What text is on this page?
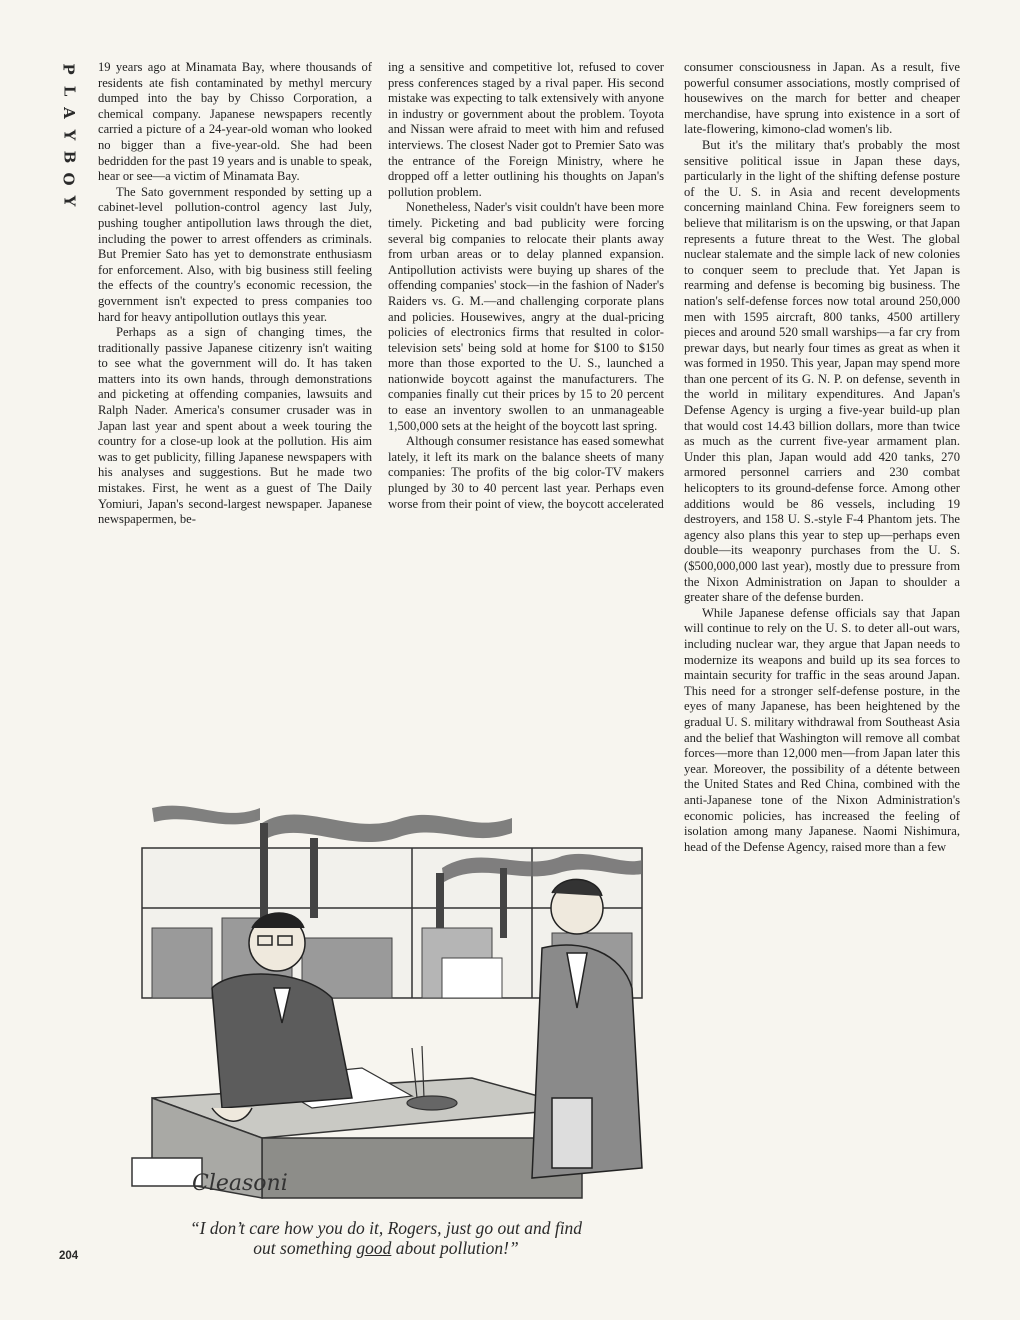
P
L
A
Y
B
O
Y

19 years ago at Minamata Bay, where thousands of residents ate fish contaminated by methyl mercury dumped into the bay by Chisso Corporation, a chemical company. Japanese newspapers recently carried a picture of a 24-year-old woman who looked no bigger than a five-year-old. She had been bedridden for the past 19 years and is unable to speak, hear or see—a victim of Minamata Bay.

The Sato government responded by setting up a cabinet-level pollution-control agency last July, pushing tougher antipollution laws through the diet, including the power to arrest offenders as criminals. But Premier Sato has yet to demonstrate enthusiasm for enforcement. Also, with big business still feeling the effects of the country's economic recession, the government isn't expected to press companies too hard for heavy antipollution outlays this year.

Perhaps as a sign of changing times, the traditionally passive Japanese citizenry isn't waiting to see what the government will do. It has taken matters into its own hands, through demonstrations and picketing at offending companies, lawsuits and Ralph Nader. America's consumer crusader was in Japan last year and spent about a week touring the country for a close-up look at the pollution. His aim was to get publicity, filling Japanese newspapers with his analyses and suggestions. But he made two mistakes. First, he went as a guest of The Daily Yomiuri, Japan's second-largest newspaper. Japanese newspapermen, be-

ing a sensitive and competitive lot, refused to cover press conferences staged by a rival paper. His second mistake was expecting to talk extensively with anyone in industry or government about the problem. Toyota and Nissan were afraid to meet with him and refused interviews. The closest Nader got to Premier Sato was the entrance of the Foreign Ministry, where he dropped off a letter outlining his thoughts on Japan's pollution problem.

Nonetheless, Nader's visit couldn't have been more timely. Picketing and bad publicity were forcing several big companies to relocate their plants away from urban areas or to delay planned expansion. Antipollution activists were buying up shares of the offending companies' stock—in the fashion of Nader's Raiders vs. G. M.—and challenging corporate plans and policies. Housewives, angry at the dual-pricing policies of electronics firms that resulted in color-television sets' being sold at home for $100 to $150 more than those exported to the U. S., launched a nationwide boycott against the manufacturers. The companies finally cut their prices by 15 to 20 percent to ease an inventory swollen to an unmanageable 1,500,000 sets at the height of the boycott last spring.

Although consumer resistance has eased somewhat lately, it left its mark on the balance sheets of many companies: The profits of the big color-TV makers plunged by 30 to 40 percent last year. Perhaps even worse from their point of view, the boycott accelerated

consumer consciousness in Japan. As a result, five powerful consumer associations, mostly comprised of housewives on the march for better and cheaper merchandise, have sprung into existence in a sort of late-flowering, kimono-clad women's lib.

But it's the military that's probably the most sensitive political issue in Japan these days, particularly in the light of the shifting defense posture of the U. S. in Asia and recent developments concerning mainland China. Few foreigners seem to believe that militarism is on the upswing, or that Japan represents a future threat to the West. The global nuclear stalemate and the simple lack of new colonies to conquer seem to preclude that. Yet Japan is rearming and defense is becoming big business. The nation's self-defense forces now total around 250,000 men with 1595 aircraft, 800 tanks, 4500 artillery pieces and around 520 small warships—a far cry from prewar days, but nearly four times as great as when it was formed in 1950. This year, Japan may spend more than one percent of its G. N. P. on defense, seventh in the world in military expenditures. And Japan's Defense Agency is urging a five-year build-up plan that would cost 14.43 billion dollars, more than twice as much as the current five-year armament plan. Under this plan, Japan would add 420 tanks, 270 armored personnel carriers and 230 combat helicopters to its ground-defense force. Among other additions would be 86 vessels, including 19 destroyers, and 158 U. S.-style F-4 Phantom jets. The agency also plans this year to step up—perhaps even double—its weaponry purchases from the U. S. ($500,000,000 last year), mostly due to pressure from the Nixon Administration on Japan to shoulder a greater share of the defense burden.

While Japanese defense officials say that Japan will continue to rely on the U. S. to deter all-out wars, including nuclear war, they argue that Japan needs to modernize its weapons and build up its sea forces to maintain security for traffic in the seas around Japan. This need for a stronger self-defense posture, in the eyes of many Japanese, has been heightened by the gradual U. S. military withdrawal from Southeast Asia and the belief that Washington will remove all combat forces—more than 12,000 men—from Japan later this year. Moreover, the possibility of a détente between the United States and Red China, combined with the anti-Japanese tone of the Nixon Administration's economic policies, has increased the feeling of isolation among many Japanese. Naomi Nishimura, head of the Defense Agency, raised more than a few

Cleasoni
“I don’t care how you do it, Rogers, just go out and find
out something good about pollution!”
204
